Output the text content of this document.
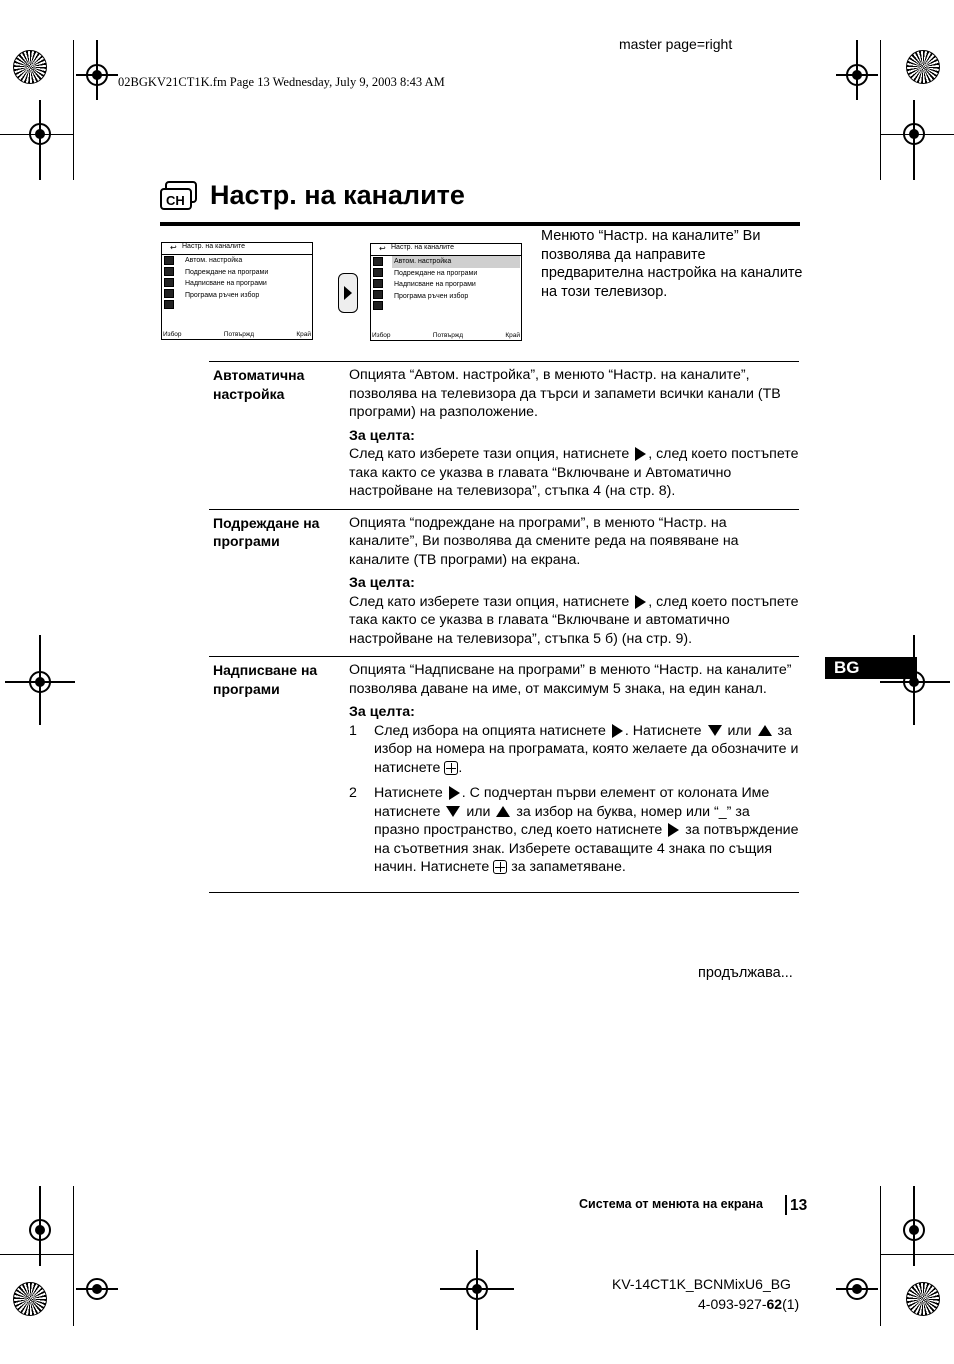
master page=right
02BGKV21CT1K.fm Page 13 Wednesday, July 9, 2003 8:43 AM
CH Настр. на каналите
↩ Настр. на каналите
Автом. настройка
Подреждане на програми
Надписване на програми
Програма ръчен избор
Избор	Потвържд	Край
↩ Настр. на каналите
Автом. настройка
Подреждане на програми
Надписване на програми
Програма ръчен избор
Избор	Потвържд	Край
Менюто “Настр. на каналите” Ви позволява да направите предварителна настройка на каналите на този телевизор.
Автоматична настройка

Опцията “Автом. настройка”, в менюто “Настр. на каналите”, позволява на телевизора да търси и запамети всички канали (ТВ програми) на разположение.

За целта:
След като изберете тази опция, натиснете , след което постъпете така както се указва в главата “Включване и Автоматично настройване на телевизора”, стъпка 4 (на стр. 8).
Подреждане на програми

Опцията “подреждане на програми”, в менюто “Настр. на каналите”, Ви позволява да смените реда на появяване на каналите (ТВ програми) на екрана.

За целта:
След като изберете тази опция, натиснете , след което постъпете така както се указва в главата “Включване и автоматично настройване на телевизора”, стъпка 5 б) (на стр. 9).
Надписване на програми

Опцията “Надписване на програми” в менюто “Настр. на каналите” позволява даване на име, от максимум 5 знака, на един канал.

За целта:
1	След избора на опцията натиснете . Натиснете или за избор на номера на програмата, която желаете да обозначите и натиснете .
2	Натиснете . С подчертан първи елемент от колоната Име натиснете или за избор на буква, номер или “_” за празно пространство, след което натиснете за потвърждение на съответния знак. Изберете оставащите 4 знака по същия начин. Натиснете за запаметяване.
продължава...
BG
Система от менюта на екрана 13
KV-14CT1K_BCNMixU6_BG
4-093-927-62(1)
